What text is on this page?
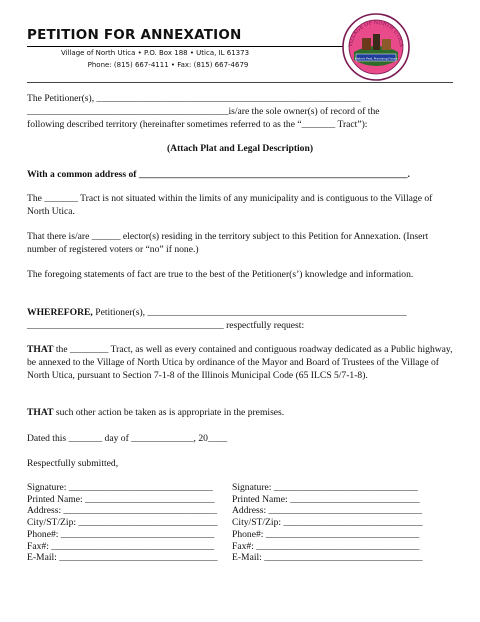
PETITION FOR ANNEXATION
Village of North Utica • P.O. Box 188 • Utica, IL 61373
Phone: (815) 667-4111 • Fax: (815) 667-4679
VILLAGE OF NORTH UTICA
Historic Past, Promising Future
The Petitioner(s), _______________________________________________________
__________________________________________is/are the sole owner(s) of record of the
following described territory (hereinafter sometimes referred to as the “_______ Tract”):
(Attach Plat and Legal Description)
With a common address of ________________________________________________________.
The _______ Tract is not situated within the limits of any municipality and is contiguous to the Village of North Utica.
That there is/are ______ elector(s) residing in the territory subject to this Petition for Annexation. (Insert number of registered voters or “no” if none.)
The foregoing statements of fact are true to the best of the Petitioner(s’) knowledge and information.
WHEREFORE, Petitioner(s), ______________________________________________________
_________________________________________ respectfully request:
THAT the ________ Tract, as well as every contained and contiguous roadway dedicated as a Public highway, be annexed to the Village of North Utica by ordinance of the Mayor and Board of Trustees of the Village of North Utica, pursuant to Section 7-1-8 of the Illinois Municipal Code (65 ILCS 5/7-1-8).
THAT such other action be taken as is appropriate in the premises.
Dated this _______ day of _____________, 20____
Respectfully submitted,
Signature: ______________________________
Printed Name: ___________________________
Address: ________________________________
City/ST/Zip: _____________________________
Phone#: ________________________________
Fax#: __________________________________
E-Mail: _________________________________
Signature: ______________________________
Printed Name: ___________________________
Address: ________________________________
City/ST/Zip: _____________________________
Phone#: ________________________________
Fax#: __________________________________
E-Mail: _________________________________
